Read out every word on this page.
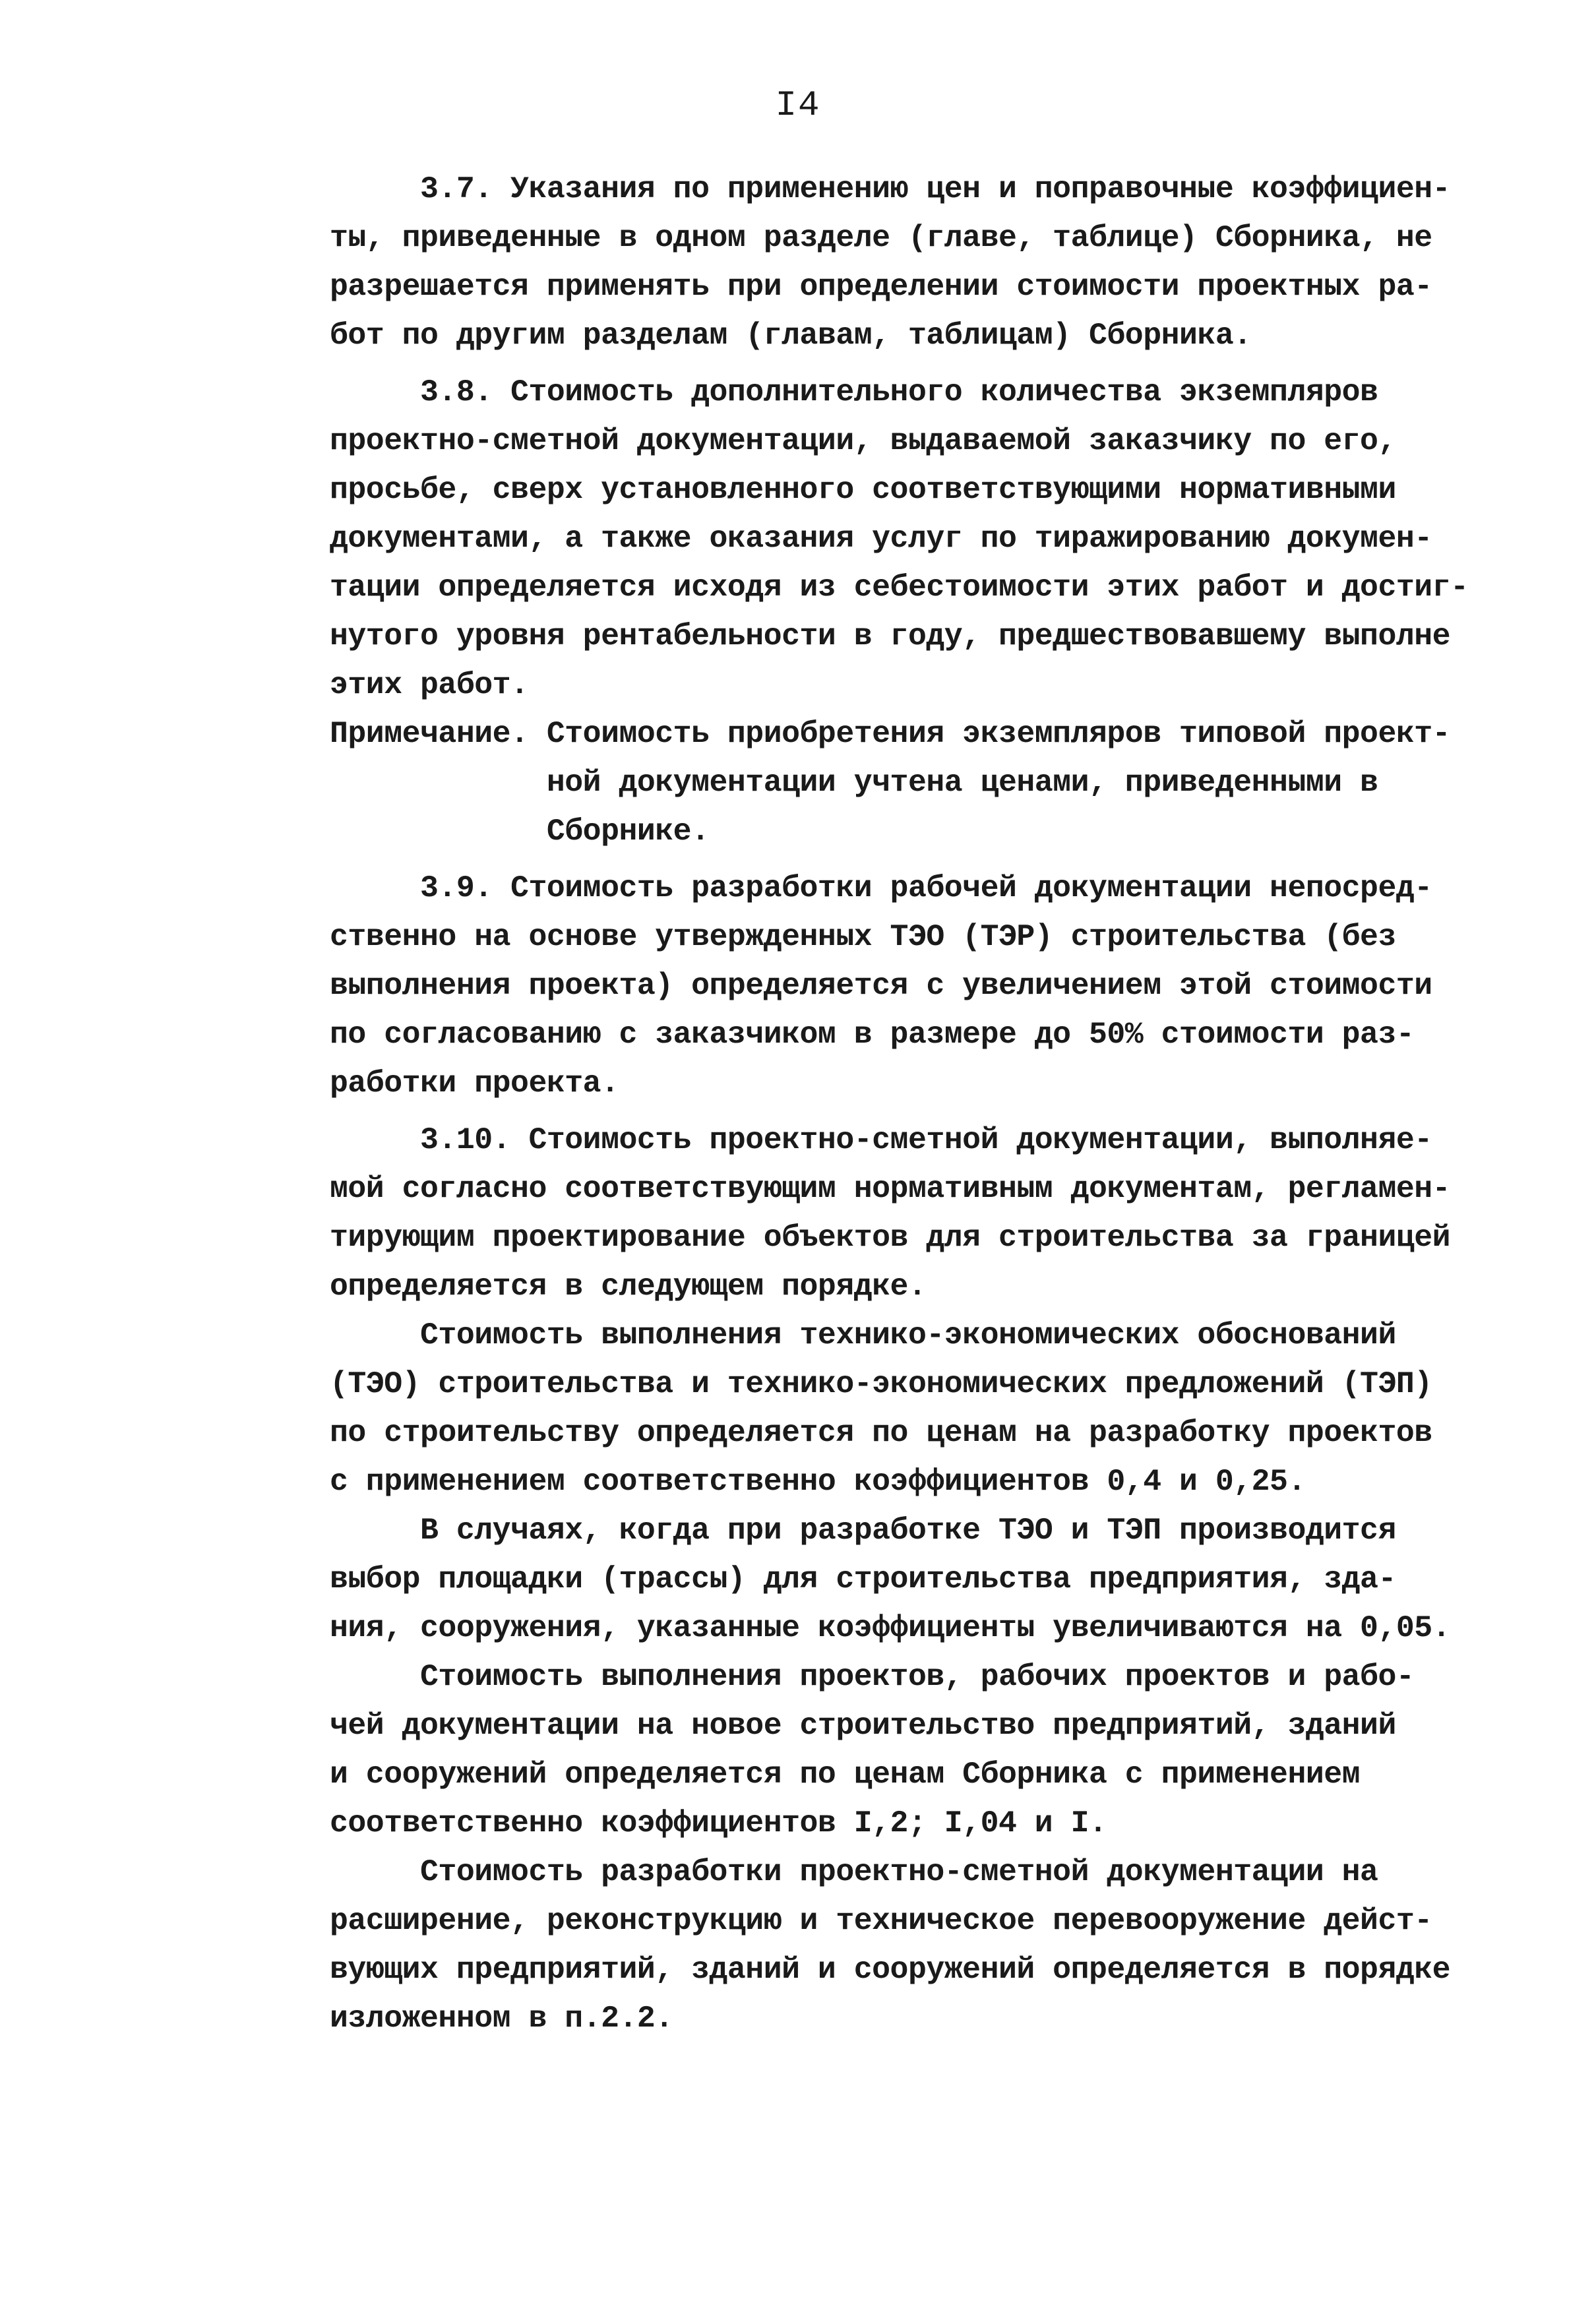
I4
3.7. Указания по применению цен и поправочные коэффициен-
ты, приведенные в одном разделе (главе, таблице) Сборника, не
разрешается применять при определении стоимости проектных ра-
бот по другим разделам (главам, таблицам) Сборника.
3.8. Стоимость дополнительного количества экземпляров
проектно-сметной документации, выдаваемой заказчику по его,
просьбе, сверх установленного соответствующими нормативными
документами, а также оказания услуг по тиражированию докумен-
тации определяется исходя из себестоимости этих работ и достиг-
нутого уровня рентабельности в году, предшествовавшему выполне
этих работ.
Примечание. Стоимость приобретения экземпляров типовой проект-
ной документации учтена ценами, приведенными в
Сборнике.
3.9. Стоимость разработки рабочей документации непосред-
ственно на основе утвержденных ТЭО (ТЭР) строительства (без
выполнения проекта) определяется с увеличением этой стоимости
по согласованию с заказчиком в размере до 50% стоимости раз-
работки проекта.
3.10. Стоимость проектно-сметной документации, выполняе-
мой согласно соответствующим нормативным документам, регламен-
тирующим проектирование объектов для строительства за границей
определяется в следующем порядке.
Стоимость выполнения технико-экономических обоснований
(ТЭО) строительства и технико-экономических предложений (ТЭП)
по строительству определяется по ценам на разработку проектов
с применением соответственно коэффициентов 0,4 и 0,25.
В случаях, когда при разработке ТЭО и ТЭП производится
выбор площадки (трассы) для строительства предприятия, зда-
ния, сооружения, указанные коэффициенты увеличиваются на 0,05.
Стоимость выполнения проектов, рабочих проектов и рабо-
чей документации на новое строительство предприятий, зданий
и сооружений определяется по ценам Сборника с применением
соответственно коэффициентов I,2; I,04 и I.
Стоимость разработки проектно-сметной документации на
расширение, реконструкцию и техническое перевооружение дейст-
вующих предприятий, зданий и сооружений определяется в порядке
изложенном в п.2.2.
